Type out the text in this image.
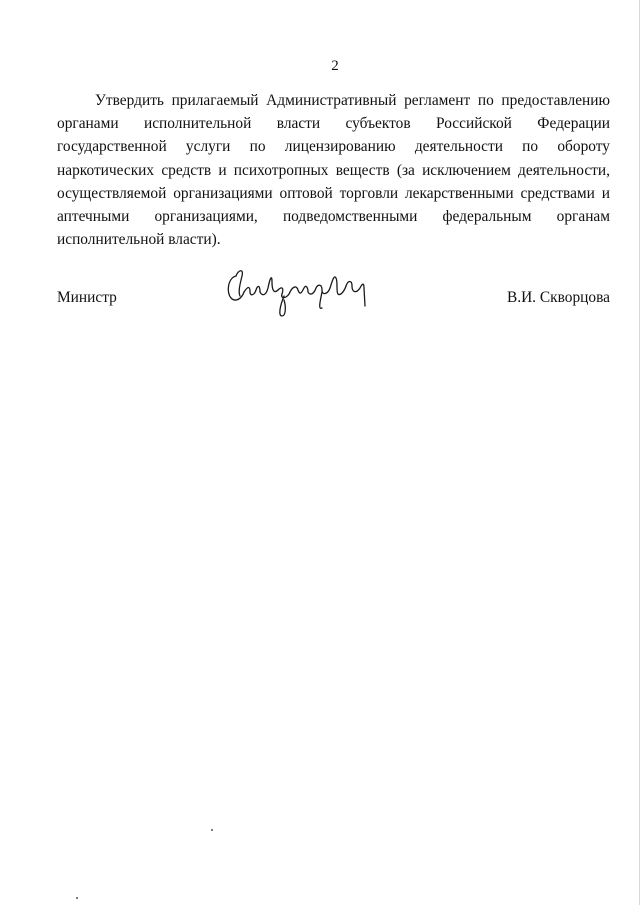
2

Утвердить прилагаемый Административный регламент по предоставлению органами исполнительной власти субъектов Российской Федерации государственной услуги по лицензированию деятельности по обороту наркотических средств и психотропных веществ (за исключением деятельности, осуществляемой организациями оптовой торговли лекарственными средствами и аптечными организациями, подведомственными федеральным органам исполнительной власти).

Министр	В.И. Скворцова
